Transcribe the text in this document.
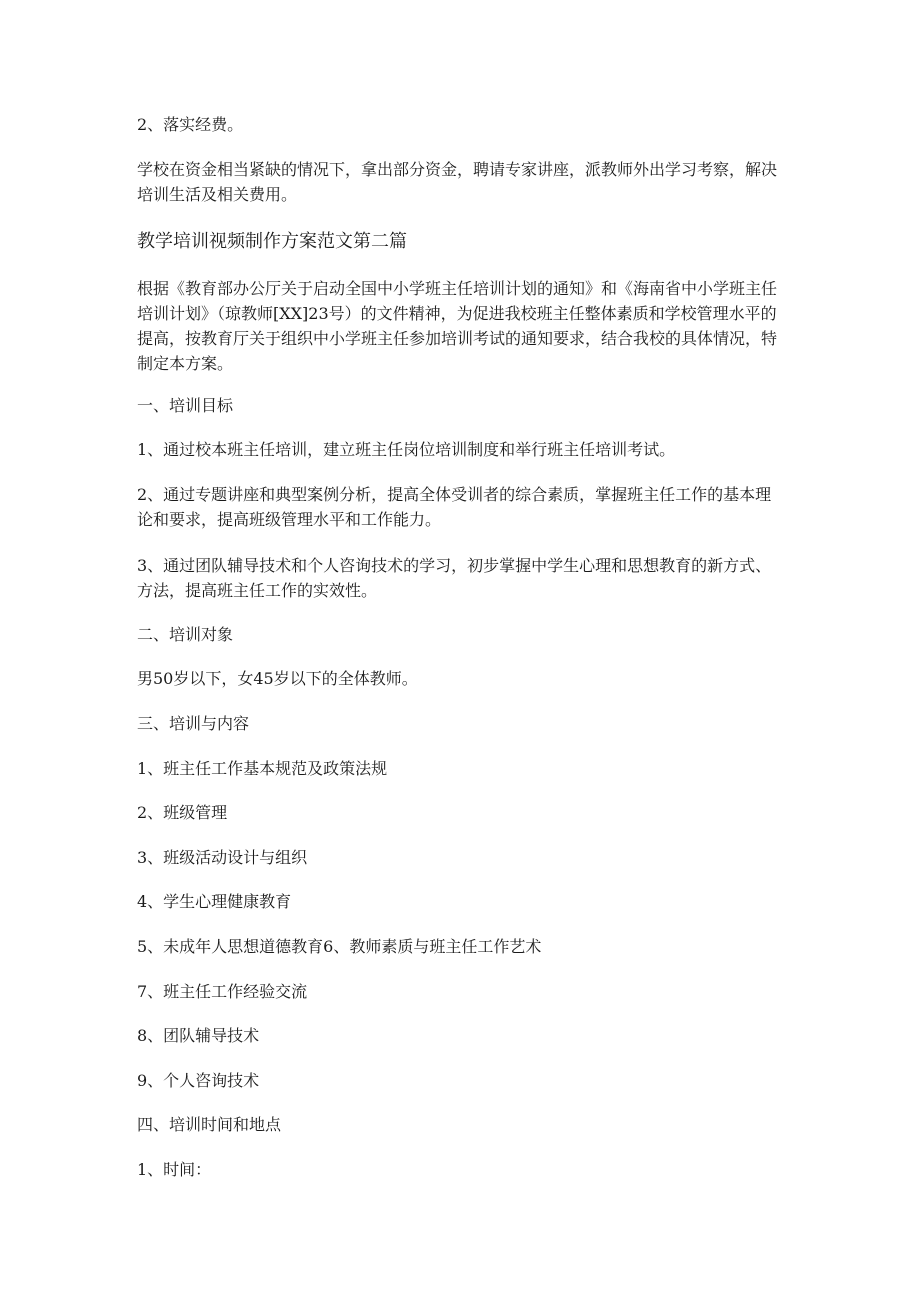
2、落实经费。

学校在资金相当紧缺的情况下，拿出部分资金，聘请专家讲座，派教师外出学习考察，解决培训生活及相关费用。

教学培训视频制作方案范文第二篇

根据《教育部办公厅关于启动全国中小学班主任培训计划的通知》和《海南省中小学班主任培训计划》（琼教师[XX]23号）的文件精神，为促进我校班主任整体素质和学校管理水平的提高，按教育厅关于组织中小学班主任参加培训考试的通知要求，结合我校的具体情况，特制定本方案。

一、培训目标

1、通过校本班主任培训，建立班主任岗位培训制度和举行班主任培训考试。

2、通过专题讲座和典型案例分析，提高全体受训者的综合素质，掌握班主任工作的基本理论和要求，提高班级管理水平和工作能力。

3、通过团队辅导技术和个人咨询技术的学习，初步掌握中学生心理和思想教育的新方式、方法，提高班主任工作的实效性。

二、培训对象

男50岁以下，女45岁以下的全体教师。

三、培训与内容

1、班主任工作基本规范及政策法规

2、班级管理

3、班级活动设计与组织

4、学生心理健康教育

5、未成年人思想道德教育6、教师素质与班主任工作艺术

7、班主任工作经验交流

8、团队辅导技术

9、个人咨询技术

四、培训时间和地点

1、时间：
